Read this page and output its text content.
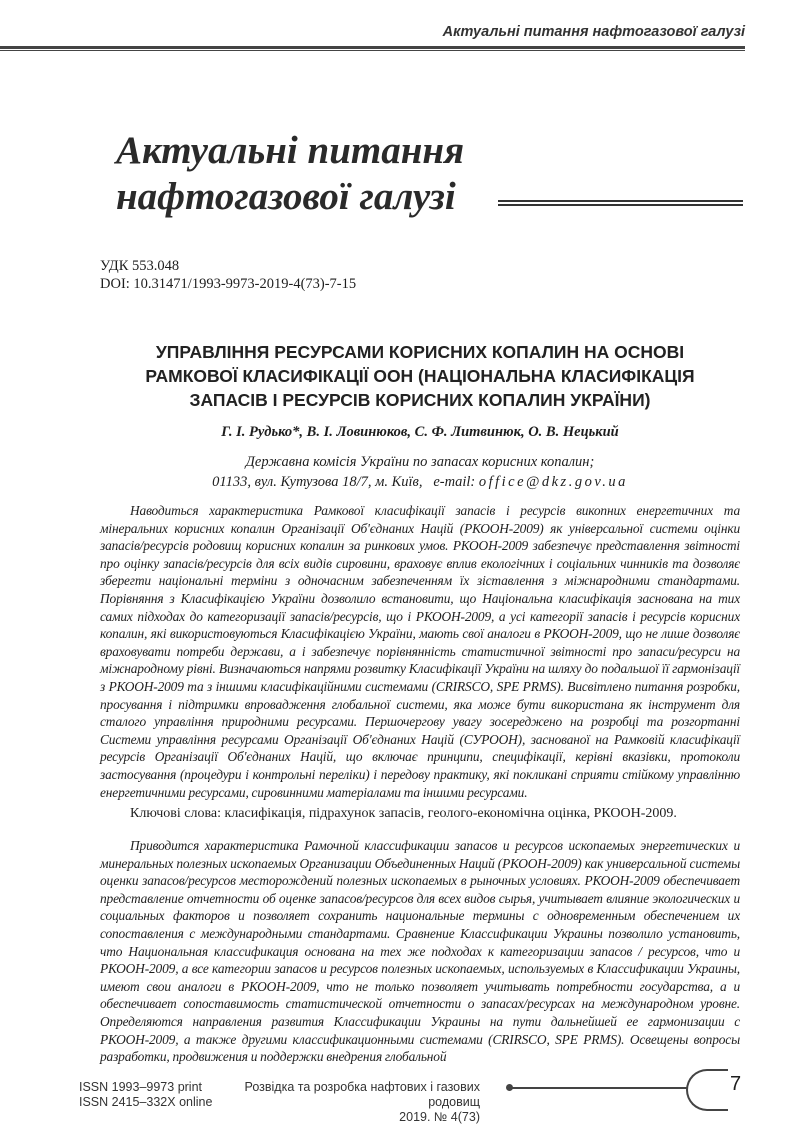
Актуальні питання нафтогазової галузі
Актуальні питання
нафтогазової галузі
УДК 553.048
DOI: 10.31471/1993-9973-2019-4(73)-7-15
УПРАВЛІННЯ РЕСУРСАМИ КОРИСНИХ КОПАЛИН НА ОСНОВІ
РАМКОВОЇ КЛАСИФІКАЦІЇ ООН (НАЦІОНАЛЬНА КЛАСИФІКАЦІЯ
ЗАПАСІВ І РЕСУРСІВ КОРИСНИХ КОПАЛИН УКРАЇНИ)
Г. І. Рудько*, В. І. Ловинюков, С. Ф. Литвинюк, О. В. Нецький
Державна комісія України по запасах корисних копалин;
01133, вул. Кутузова 18/7, м. Київ, e-mail: office@dkz.gov.ua
Наводиться характеристика Рамкової класифікації запасів і ресурсів викопних енергетичних та мінеральних корисних копалин Організації Об'єднаних Націй (РКООН-2009) як універсальної системи оцінки запасів/ресурсів родовищ корисних копалин за ринкових умов. РКООН-2009 забезпечує представлення звітності про оцінку запасів/ресурсів для всіх видів сировини, враховує вплив екологічних і соціальних чинників та дозволяє зберегти національні терміни з одночасним забезпеченням їх зіставлення з міжнародними стандартами. Порівняння з Класифікацією України дозволило встановити, що Національна класифікація заснована на тих самих підходах до категоризації запасів/ресурсів, що і РКООН-2009, а усі категорії запасів і ресурсів корисних копалин, які використовуються Класифікацією України, мають свої аналоги в РКООН-2009, що не лише дозволяє враховувати потреби держави, а і забезпечує порівнянність статистичної звітності про запаси/ресурси на міжнародному рівні. Визначаються напрями розвитку Класифікації України на шляху до подальшої її гармонізації з РКООН-2009 та з іншими класифікаційними системами (CRIRSCO, SPE PRMS). Висвітлено питання розробки, просування і підтримки впровадження глобальної системи, яка може бути використана як інструмент для сталого управління природними ресурсами. Першочергову увагу зосереджено на розробці та розгортанні Системи управління ресурсами Організації Об'єднаних Націй (СУРООН), заснованої на Рамковій класифікації ресурсів Організації Об'єднаних Націй, що включає принципи, специфікації, керівні вказівки, протоколи застосування (процедури і контрольні переліки) і передову практику, які покликані сприяти стійкому управлінню енергетичними ресурсами, сировинними матеріалами та іншими ресурсами.
Ключові слова: класифікація, підрахунок запасів, геолого-економічна оцінка, РКООН-2009.
Приводится характеристика Рамочной классификации запасов и ресурсов ископаемых энергетических и минеральных полезных ископаемых Организации Объединенных Наций (РКООН-2009) как универсальной системы оценки запасов/ресурсов месторождений полезных ископаемых в рыночных условиях. РКООН-2009 обеспечивает представление отчетности об оценке запасов/ресурсов для всех видов сырья, учитывает влияние экологических и социальных факторов и позволяет сохранить национальные термины с одновременным обеспечением их сопоставления с международными стандартами. Сравнение Классификации Украины позволило установить, что Национальная классификация основана на тех же подходах к категоризации запасов / ресурсов, что и РКООН-2009, а все категории запасов и ресурсов полезных ископаемых, используемых в Классификации Украины, имеют свои аналоги в РКООН-2009, что не только позволяет учитывать потребности государства, а и обеспечивает сопоставимость статистической отчетности о запасах/ресурсах на международном уровне. Определяются направления развития Классификации Украины на пути дальнейшей ее гармонизации с РКООН-2009, а также другими классификационными системами (CRIRSCO, SPE PRMS). Освещены вопросы разработки, продвижения и поддержки внедрения глобальной
ISSN 1993–9973 print
ISSN 2415–332X online
Розвідка та розробка нафтових і газових родовищ
2019. № 4(73)
7
